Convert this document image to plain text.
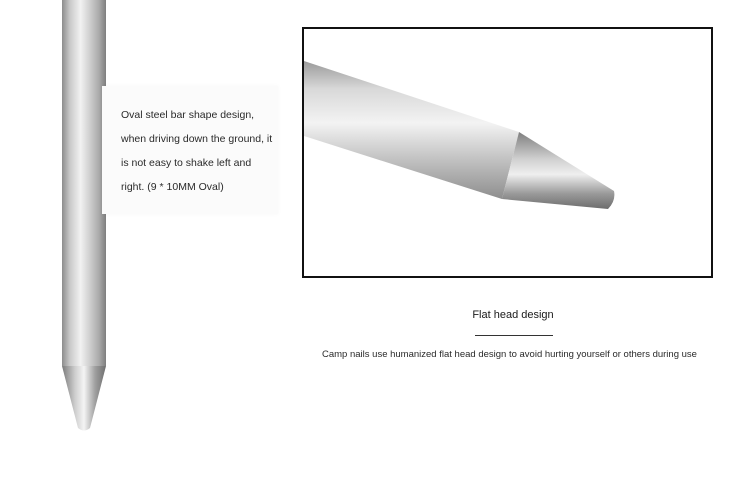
Oval steel bar shape design, when driving down the ground, it is not easy to shake left and right. (9 * 10MM Oval)

Flat head design

Camp nails use humanized flat head design to avoid hurting yourself or others during use
